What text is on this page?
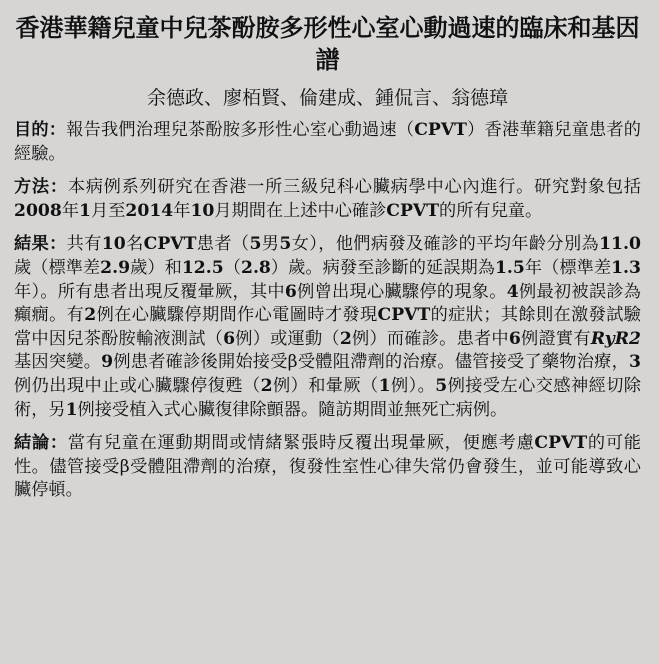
香港華籍兒童中兒茶酚胺多形性心室心動過速的臨床和基因譜
余德政、廖栢賢、倫建成、鍾侃言、翁德璋

目的：報告我們治理兒茶酚胺多形性心室心動過速（CPVT）香港華籍兒童患者的經驗。

方法：本病例系列研究在香港一所三級兒科心臟病學中心內進行。研究對象包括2008年1月至2014年10月期間在上述中心確診CPVT的所有兒童。

結果：共有10名CPVT患者（5男5女），他們病發及確診的平均年齡分別為11.0歲（標準差2.9歲）和12.5（2.8）歲。病發至診斷的延誤期為1.5年（標準差1.3年）。所有患者出現反覆暈厥，其中6例曾出現心臟驟停的現象。4例最初被誤診為癲癇。有2例在心臟驟停期間作心電圖時才發現CPVT的症狀；其餘則在激發試驗當中因兒茶酚胺輸液測試（6例）或運動（2例）而確診。患者中6例證實有RyR2基因突變。9例患者確診後開始接受β受體阻滯劑的治療。儘管接受了藥物治療，3例仍出現中止或心臟驟停復甦（2例）和暈厥（1例）。5例接受左心交感神經切除術，另1例接受植入式心臟復律除顫器。隨訪期間並無死亡病例。

結論：當有兒童在運動期間或情緒緊張時反覆出現暈厥，便應考慮CPVT的可能性。儘管接受β受體阻滯劑的治療，復發性室性心律失常仍會發生，並可能導致心臟停頓。
